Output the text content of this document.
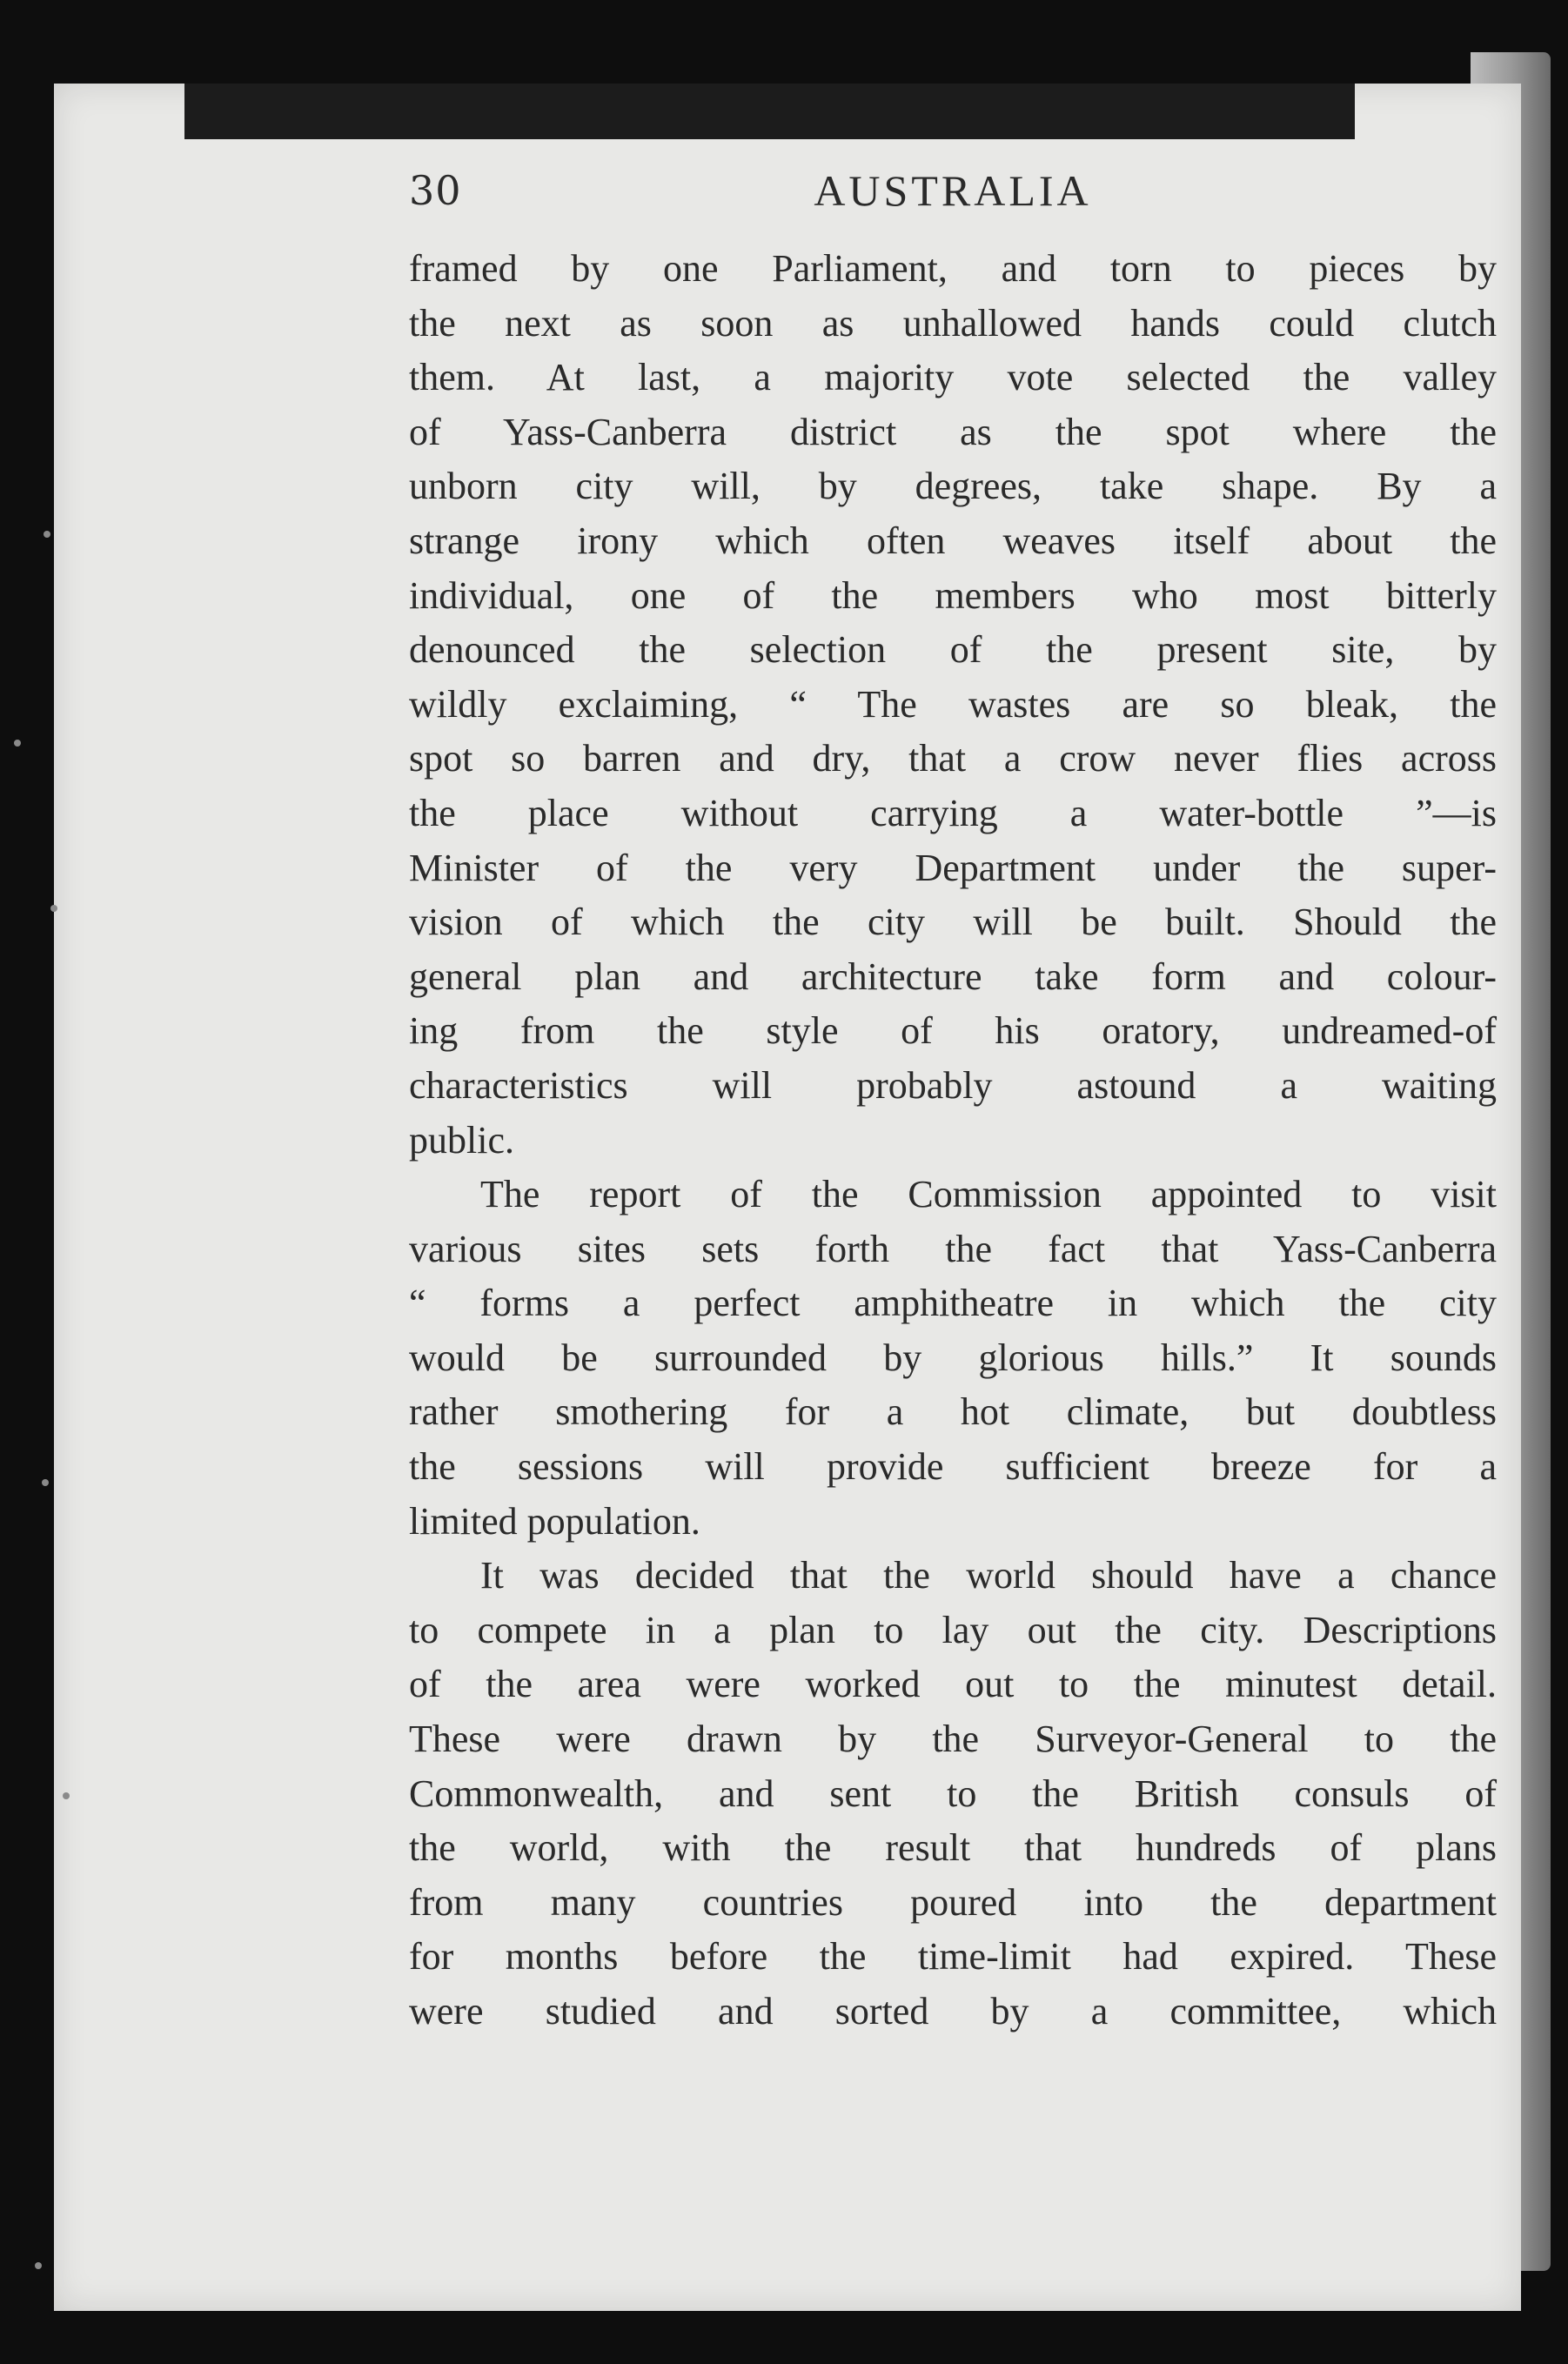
30	AUSTRALIA
framed by one Parliament, and torn to pieces by
the next as soon as unhallowed hands could clutch
them. At last, a majority vote selected the valley
of Yass-Canberra district as the spot where the
unborn city will, by degrees, take shape. By a
strange irony which often weaves itself about the
individual, one of the members who most bitterly
denounced the selection of the present site, by
wildly exclaiming, “ The wastes are so bleak, the
spot so barren and dry, that a crow never flies across
the place without carrying a water-bottle ”—is
Minister of the very Department under the super-
vision of which the city will be built. Should the
general plan and architecture take form and colour-
ing from the style of his oratory, undreamed-of
characteristics will probably astound a waiting
public.
The report of the Commission appointed to visit
various sites sets forth the fact that Yass-Canberra
“ forms a perfect amphitheatre in which the city
would be surrounded by glorious hills.” It sounds
rather smothering for a hot climate, but doubtless
the sessions will provide sufficient breeze for a
limited population.
It was decided that the world should have a chance
to compete in a plan to lay out the city. Descriptions
of the area were worked out to the minutest detail.
These were drawn by the Surveyor-General to the
Commonwealth, and sent to the British consuls of
the world, with the result that hundreds of plans
from many countries poured into the department
for months before the time-limit had expired. These
were studied and sorted by a committee, which
